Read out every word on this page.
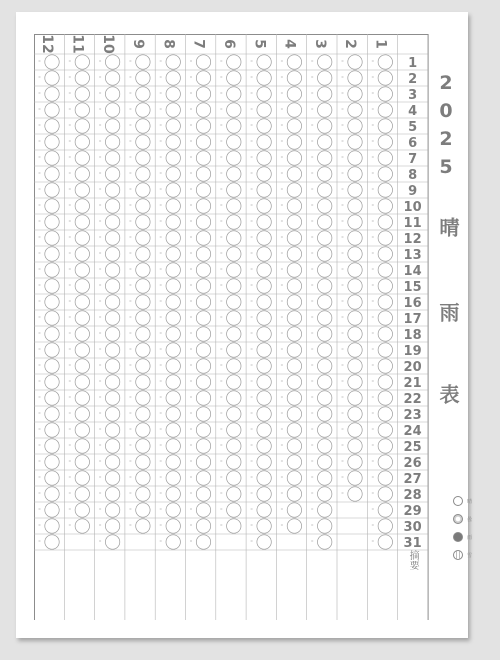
12 11 10 9 8 7 6 5 4 3 2 1
1
2
3
4
5
6
7
8
9
10
11
12
13
14
15
16
17
18
19
20
21
22
23
24
25
26
27
28
29
30
31
摘要
2025
晴
雨
表
晴
曇
雨
雪
